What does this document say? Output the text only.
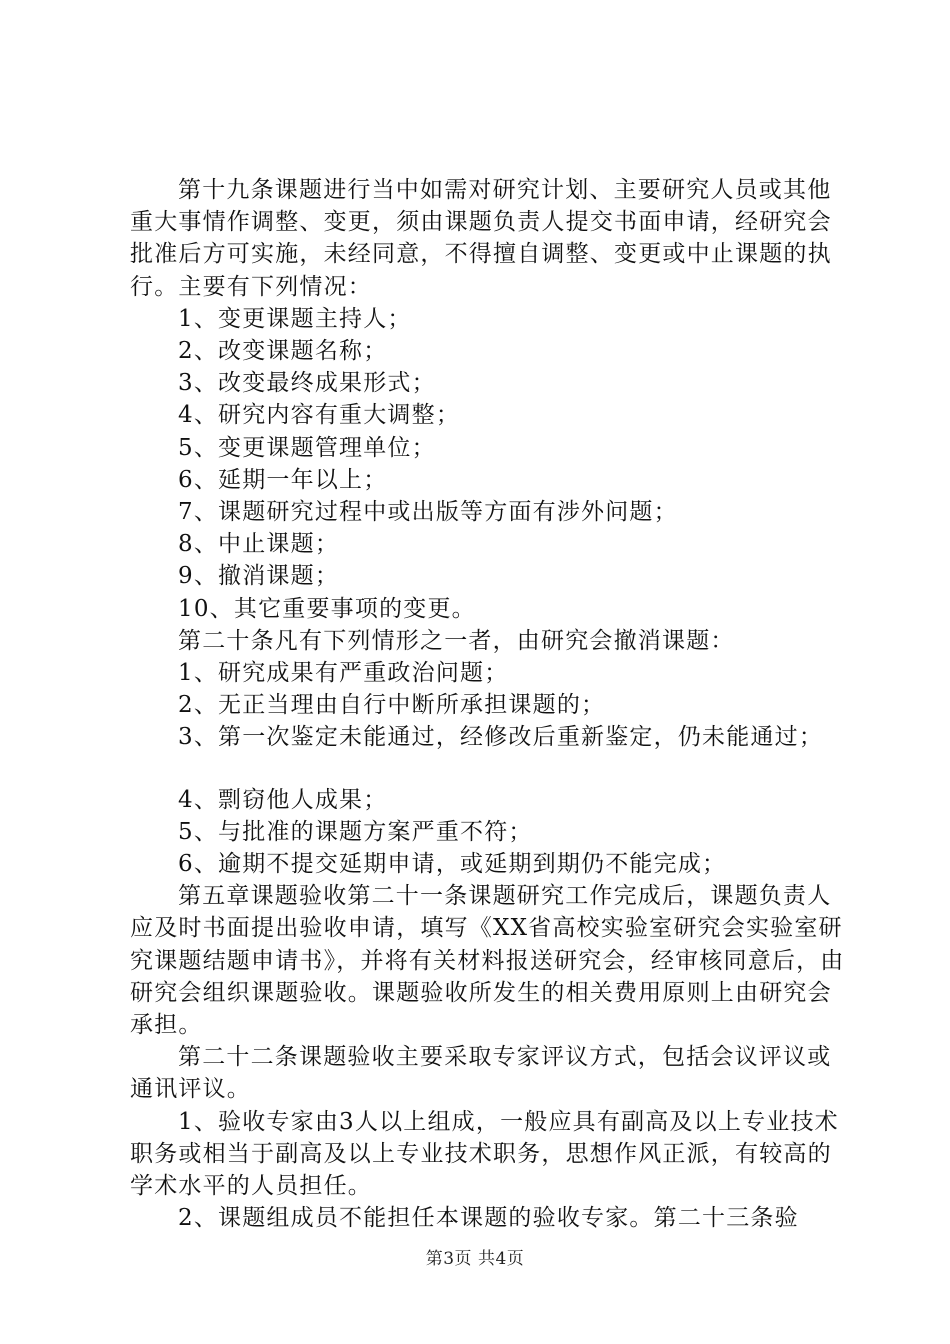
第十九条课题进行当中如需对研究计划、主要研究人员或其他重大事情作调整、变更，须由课题负责人提交书面申请，经研究会批准后方可实施，未经同意，不得擅自调整、变更或中止课题的执行。主要有下列情况：

1、变更课题主持人；

2、改变课题名称；

3、改变最终成果形式；

4、研究内容有重大调整；

5、变更课题管理单位；

6、延期一年以上；

7、课题研究过程中或出版等方面有涉外问题；

8、中止课题；

9、撤消课题；

10、其它重要事项的变更。

第二十条凡有下列情形之一者，由研究会撤消课题：

1、研究成果有严重政治问题；

2、无正当理由自行中断所承担课题的；

3、第一次鉴定未能通过，经修改后重新鉴定，仍未能通过；

4、剽窃他人成果；

5、与批准的课题方案严重不符；

6、逾期不提交延期申请，或延期到期仍不能完成；

第五章课题验收第二十一条课题研究工作完成后，课题负责人应及时书面提出验收申请，填写《XX省高校实验室研究会实验室研究课题结题申请书》，并将有关材料报送研究会，经审核同意后，由研究会组织课题验收。课题验收所发生的相关费用原则上由研究会承担。

第二十二条课题验收主要采取专家评议方式，包括会议评议或通讯评议。

1、验收专家由3人以上组成，一般应具有副高及以上专业技术职务或相当于副高及以上专业技术职务，思想作风正派，有较高的学术水平的人员担任。

2、课题组成员不能担任本课题的验收专家。第二十三条验

第3页 共4页
